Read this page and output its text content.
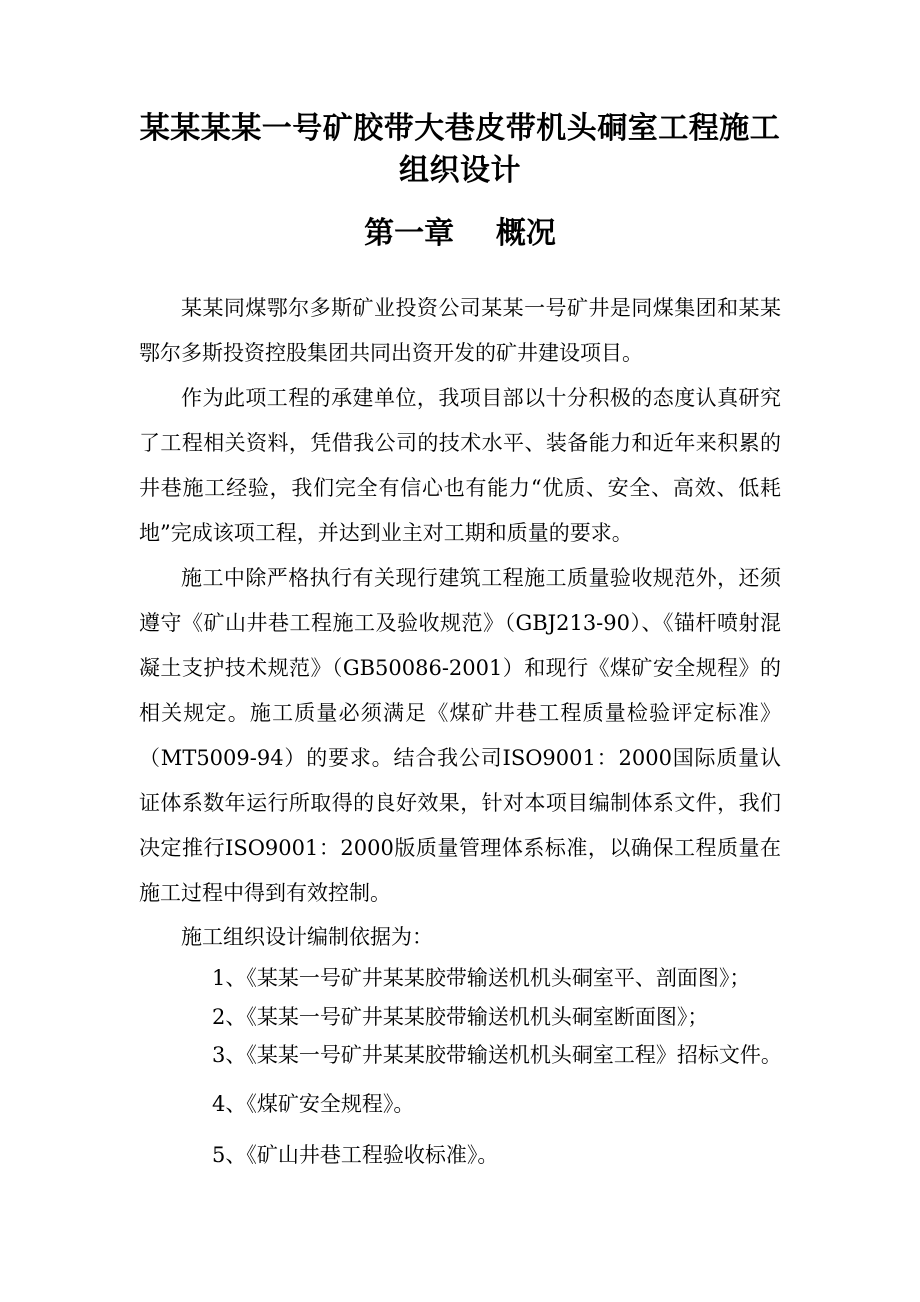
某某某某一号矿胶带大巷皮带机头硐室工程施工组织设计
第一章    概况

某某同煤鄂尔多斯矿业投资公司某某一号矿井是同煤集团和某某鄂尔多斯投资控股集团共同出资开发的矿井建设项目。

作为此项工程的承建单位，我项目部以十分积极的态度认真研究了工程相关资料，凭借我公司的技术水平、装备能力和近年来积累的井巷施工经验，我们完全有信心也有能力“优质、安全、高效、低耗地”完成该项工程，并达到业主对工期和质量的要求。

施工中除严格执行有关现行建筑工程施工质量验收规范外，还须遵守《矿山井巷工程施工及验收规范》（GBJ213-90）、《锚杆喷射混凝土支护技术规范》（GB50086-2001）和现行《煤矿安全规程》的相关规定。施工质量必须满足《煤矿井巷工程质量检验评定标准》（MT5009-94）的要求。结合我公司ISO9001：2000国际质量认证体系数年运行所取得的良好效果，针对本项目编制体系文件，我们决定推行ISO9001：2000版质量管理体系标准，以确保工程质量在施工过程中得到有效控制。

施工组织设计编制依据为：

1、《某某一号矿井某某胶带输送机机头硐室平、剖面图》；

2、《某某一号矿井某某胶带输送机机头硐室断面图》；

3、《某某一号矿井某某胶带输送机机头硐室工程》招标文件。

4、《煤矿安全规程》。

5、《矿山井巷工程验收标准》。
